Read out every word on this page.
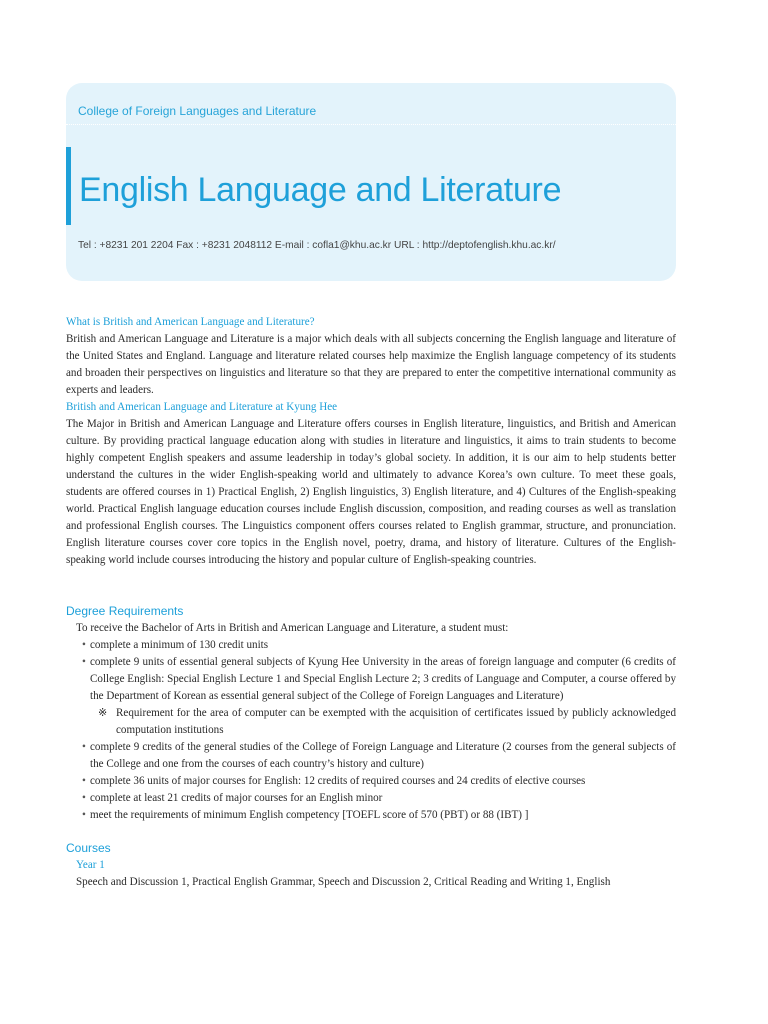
College of Foreign Languages and Literature
English Language and Literature
Tel : +8231 201 2204 Fax : +8231 2048112 E-mail : cofla1@khu.ac.kr URL : http://deptofenglish.khu.ac.kr/
What is British and American Language and Literature?

British and American Language and Literature is a major which deals with all subjects concerning the English language and literature of the United States and England. Language and literature related courses help maximize the English language competency of its students and broaden their perspectives on linguistics and literature so that they are prepared to enter the competitive international community as experts and leaders.

British and American Language and Literature at Kyung Hee

The Major in British and American Language and Literature offers courses in English literature, linguistics, and British and American culture. By providing practical language education along with studies in literature and linguistics, it aims to train students to become highly competent English speakers and assume leadership in today’s global society. In addition, it is our aim to help students better understand the cultures in the wider English-speaking world and ultimately to advance Korea’s own culture. To meet these goals, students are offered courses in 1) Practical English, 2) English linguistics, 3) English literature, and 4) Cultures of the English-speaking world. Practical English language education courses include English discussion, composition, and reading courses as well as translation and professional English courses. The Linguistics component offers courses related to English grammar, structure, and pronunciation. English literature courses cover core topics in the English novel, poetry, drama, and history of literature. Cultures of the English-speaking world include courses introducing the history and popular culture of English-speaking countries.

Degree Requirements

To receive the Bachelor of Arts in British and American Language and Literature, a student must:

• complete a minimum of 130 credit units
• complete 9 units of essential general subjects of Kyung Hee University in the areas of foreign language and computer (6 credits of College English: Special English Lecture 1 and Special English Lecture 2; 3 credits of Language and Computer, a course offered by the Department of Korean as essential general subject of the College of Foreign Languages and Literature)
※ Requirement for the area of computer can be exempted with the acquisition of certificates issued by publicly acknowledged computation institutions
• complete 9 credits of the general studies of the College of Foreign Language and Literature (2 courses from the general subjects of the College and one from the courses of each country’s history and culture)
• complete 36 units of major courses for English: 12 credits of required courses and 24 credits of elective courses
• complete at least 21 credits of major courses for an English minor
• meet the requirements of minimum English competency [TOEFL score of 570 (PBT) or 88 (IBT) ]
Courses
Year 1
Speech and Discussion 1, Practical English Grammar, Speech and Discussion 2, Critical Reading and Writing 1, English
